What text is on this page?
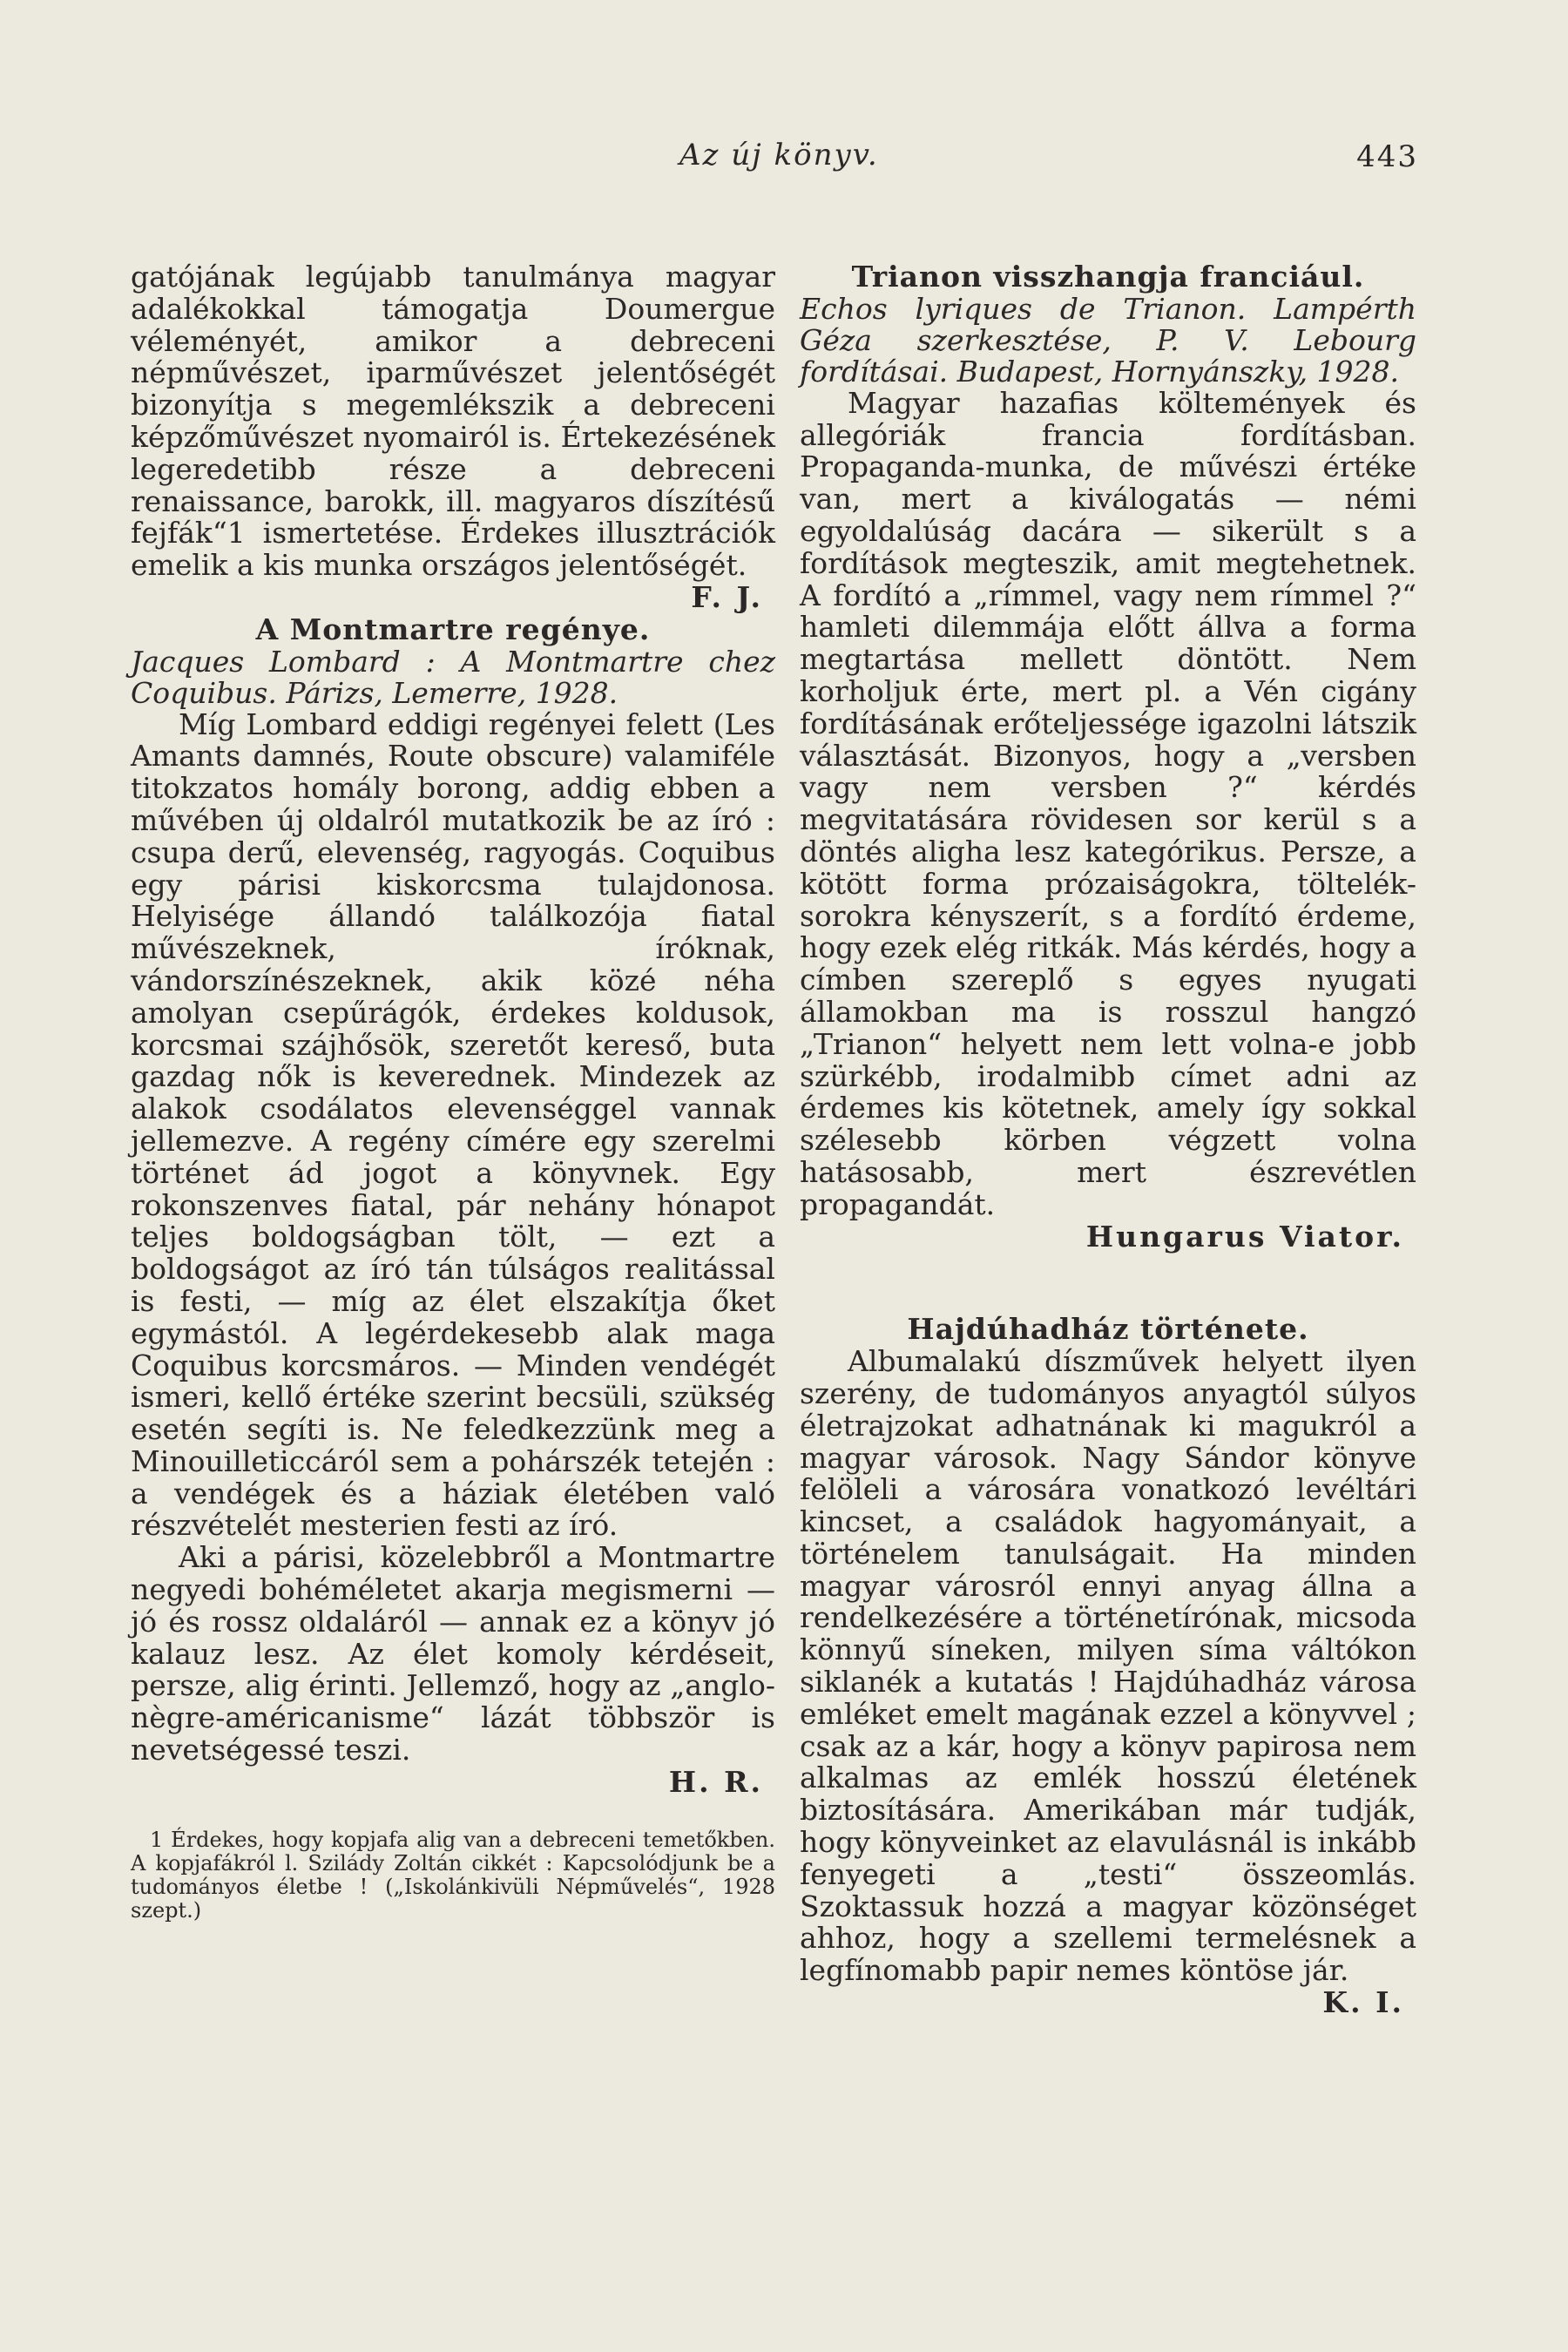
Az új könyv.	443

gatójának legújabb tanulmánya magyar adalékokkal támogatja Doumergue véleményét, amikor a debreceni népművészet, iparművészet jelentőségét bizonyítja s megemlékszik a debreceni képzőművészet nyomairól is. Értekezésének legeredetibb része a debreceni renaissance, barokk, ill. magyaros díszítésű fejfák“1 ismertetése. Érdekes illusztrációk emelik a kis munka országos jelentőségét.

F. J.

A Montmartre regénye.

Jacques Lombard : A Montmartre chez Coquibus. Párizs, Lemerre, 1928.

Míg Lombard eddigi regényei felett (Les Amants damnés, Route obscure) valamiféle titokzatos homály borong, addig ebben a művében új oldalról mutatkozik be az író : csupa derű, elevenség, ragyogás. Coquibus egy párisi kiskorcsma tulajdonosa. Helyisége állandó találkozója fiatal művészeknek, íróknak, vándorszínészeknek, akik közé néha amolyan csepűrágók, érdekes koldusok, korcsmai szájhősök, szeretőt kereső, buta gazdag nők is keverednek. Mindezek az alakok csodálatos elevenséggel vannak jellemezve. A regény címére egy szerelmi történet ád jogot a könyvnek. Egy rokonszenves fiatal, pár nehány hónapot teljes boldogságban tölt, — ezt a boldogságot az író tán túlságos realitással is festi, — míg az élet elszakítja őket egymástól. A legérdekesebb alak maga Coquibus korcsmáros. — Minden vendégét ismeri, kellő értéke szerint becsüli, szükség esetén segíti is. Ne feledkezzünk meg a Minouilleticcáról sem a pohárszék tetején : a vendégek és a háziak életében való részvételét mesterien festi az író.

Aki a párisi, közelebbről a Montmartre negyedi bohéméletet akarja megismerni — jó és rossz oldaláról — annak ez a könyv jó kalauz lesz. Az élet komoly kérdéseit, persze, alig érinti. Jellemző, hogy az „anglo-nègre-américanisme“ lázát többször is nevetségessé teszi.

H. R.

1 Érdekes, hogy kopjafa alig van a debreceni temetőkben. A kopjafákról l. Szilády Zoltán cikkét : Kapcsolódjunk be a tudományos életbe ! („Iskolánkivüli Népművelés“, 1928 szept.)

Trianon visszhangja franciául.

Echos lyriques de Trianon. Lampérth Géza szerkesztése, P. V. Lebourg fordításai. Budapest, Hornyánszky, 1928.

Magyar hazafias költemények és allegóriák francia fordításban. Propaganda-munka, de művészi értéke van, mert a kiválogatás — némi egyoldalúság dacára — sikerült s a fordítások megteszik, amit megtehetnek. A fordító a „rímmel, vagy nem rímmel ?“ hamleti dilemmája előtt állva a forma megtartása mellett döntött. Nem korholjuk érte, mert pl. a Vén cigány fordításának erőteljessége igazolni látszik választását. Bizonyos, hogy a „versben vagy nem versben ?“ kérdés megvitatására rövidesen sor kerül s a döntés aligha lesz kategórikus. Persze, a kötött forma prózaiságokra, töltelék-sorokra kényszerít, s a fordító érdeme, hogy ezek elég ritkák. Más kérdés, hogy a címben szereplő s egyes nyugati államokban ma is rosszul hangzó „Trianon“ helyett nem lett volna-e jobb szürkébb, irodalmibb címet adni az érdemes kis kötetnek, amely így sokkal szélesebb körben végzett volna hatásosabb, mert észrevétlen propagandát.

Hungarus Viator.

Hajdúhadház története.

Albumalakú díszművek helyett ilyen szerény, de tudományos anyagtól súlyos életrajzokat adhatnának ki magukról a magyar városok. Nagy Sándor könyve felöleli a városára vonatkozó levéltári kincset, a családok hagyományait, a történelem tanulságait. Ha minden magyar városról ennyi anyag állna a rendelkezésére a történetírónak, micsoda könnyű síneken, milyen síma váltókon siklanék a kutatás ! Hajdúhadház városa emléket emelt magának ezzel a könyvvel ; csak az a kár, hogy a könyv papirosa nem alkalmas az emlék hosszú életének biztosítására. Amerikában már tudják, hogy könyveinket az elavulásnál is inkább fenyegeti a „testi“ összeomlás. Szoktassuk hozzá a magyar közönséget ahhoz, hogy a szellemi termelésnek a legfínomabb papir nemes köntöse jár.

K. I.
